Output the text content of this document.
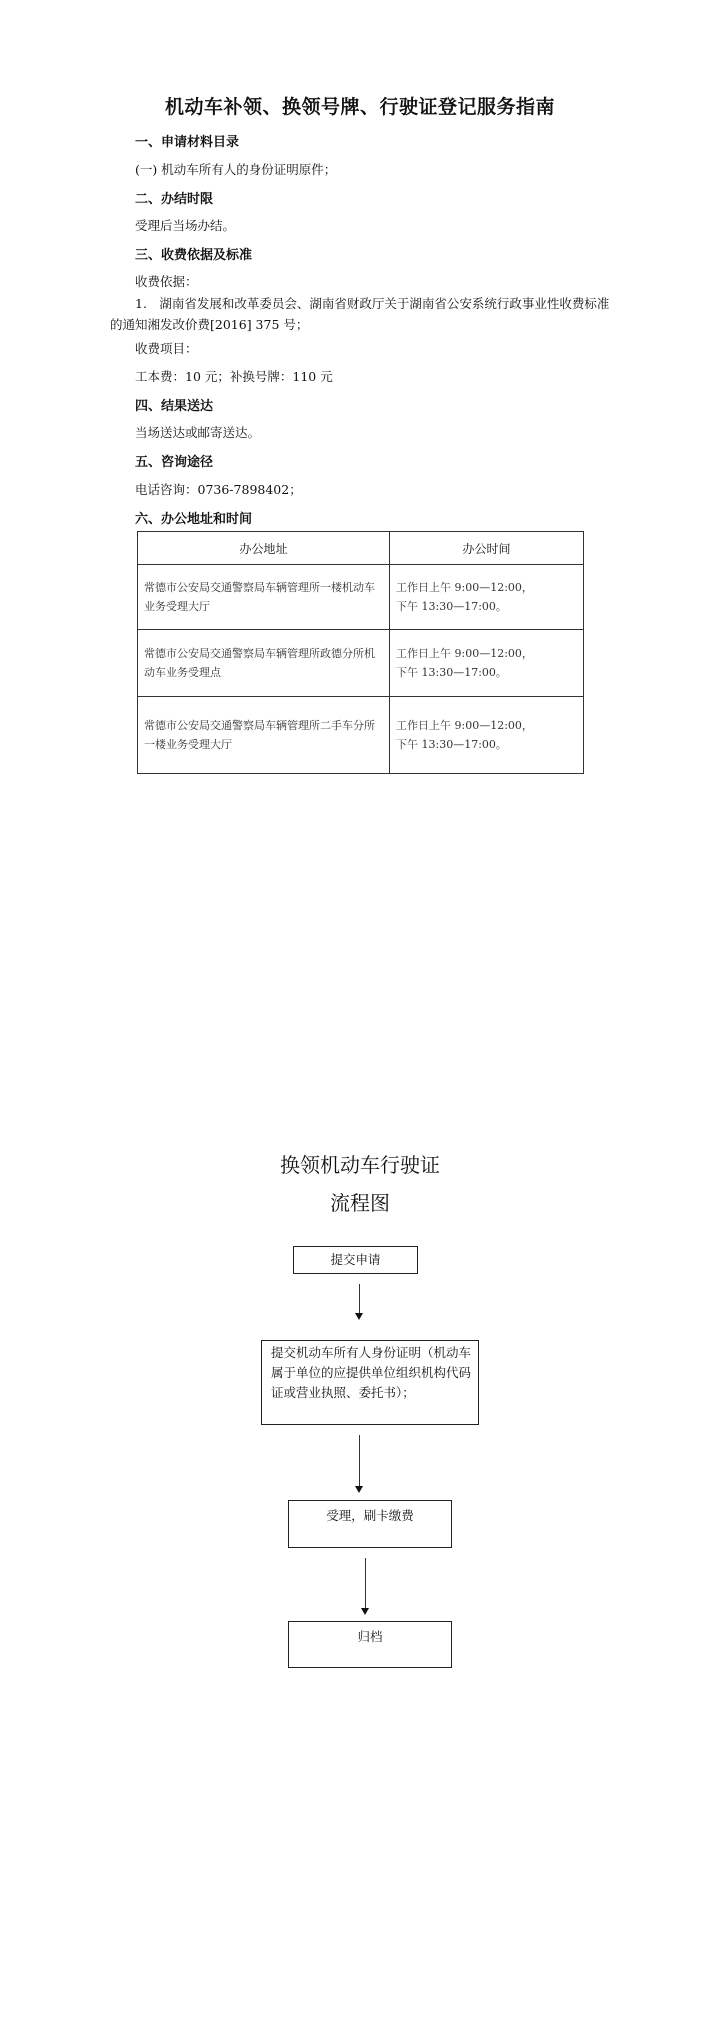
机动车补领、换领号牌、行驶证登记服务指南
一、申请材料目录
(一) 机动车所有人的身份证明原件；
二、办结时限
受理后当场办结。
三、收费依据及标准
收费依据：
1.　湖南省发展和改革委员会、湖南省财政厅关于湖南省公安系统行政事业性收费标准
的通知湘发改价费[2016] 375 号；
收费项目：
工本费：10 元；补换号牌：110 元
四、结果送达
当场送达或邮寄送达。
五、咨询途径
电话咨询：0736-7898402；
六、办公地址和时间
办公地址	办公时间
常德市公安局交通警察局车辆管理所一楼机动车业务受理大厅	工作日上午 9:00—12:00，
下午 13:30—17:00。

常德市公安局交通警察局车辆管理所政德分所机动车业务受理点	工作日上午 9:00—12:00，
下午 13:30—17:00。

常德市公安局交通警察局车辆管理所二手车分所一楼业务受理大厅	工作日上午 9:00—12:00，
下午 13:30—17:00。
换领机动车行驶证
流程图
提交申请
提交机动车所有人身份证明（机动车属于单位的应提供单位组织机构代码证或营业执照、委托书）；
受理，刷卡缴费
归档
